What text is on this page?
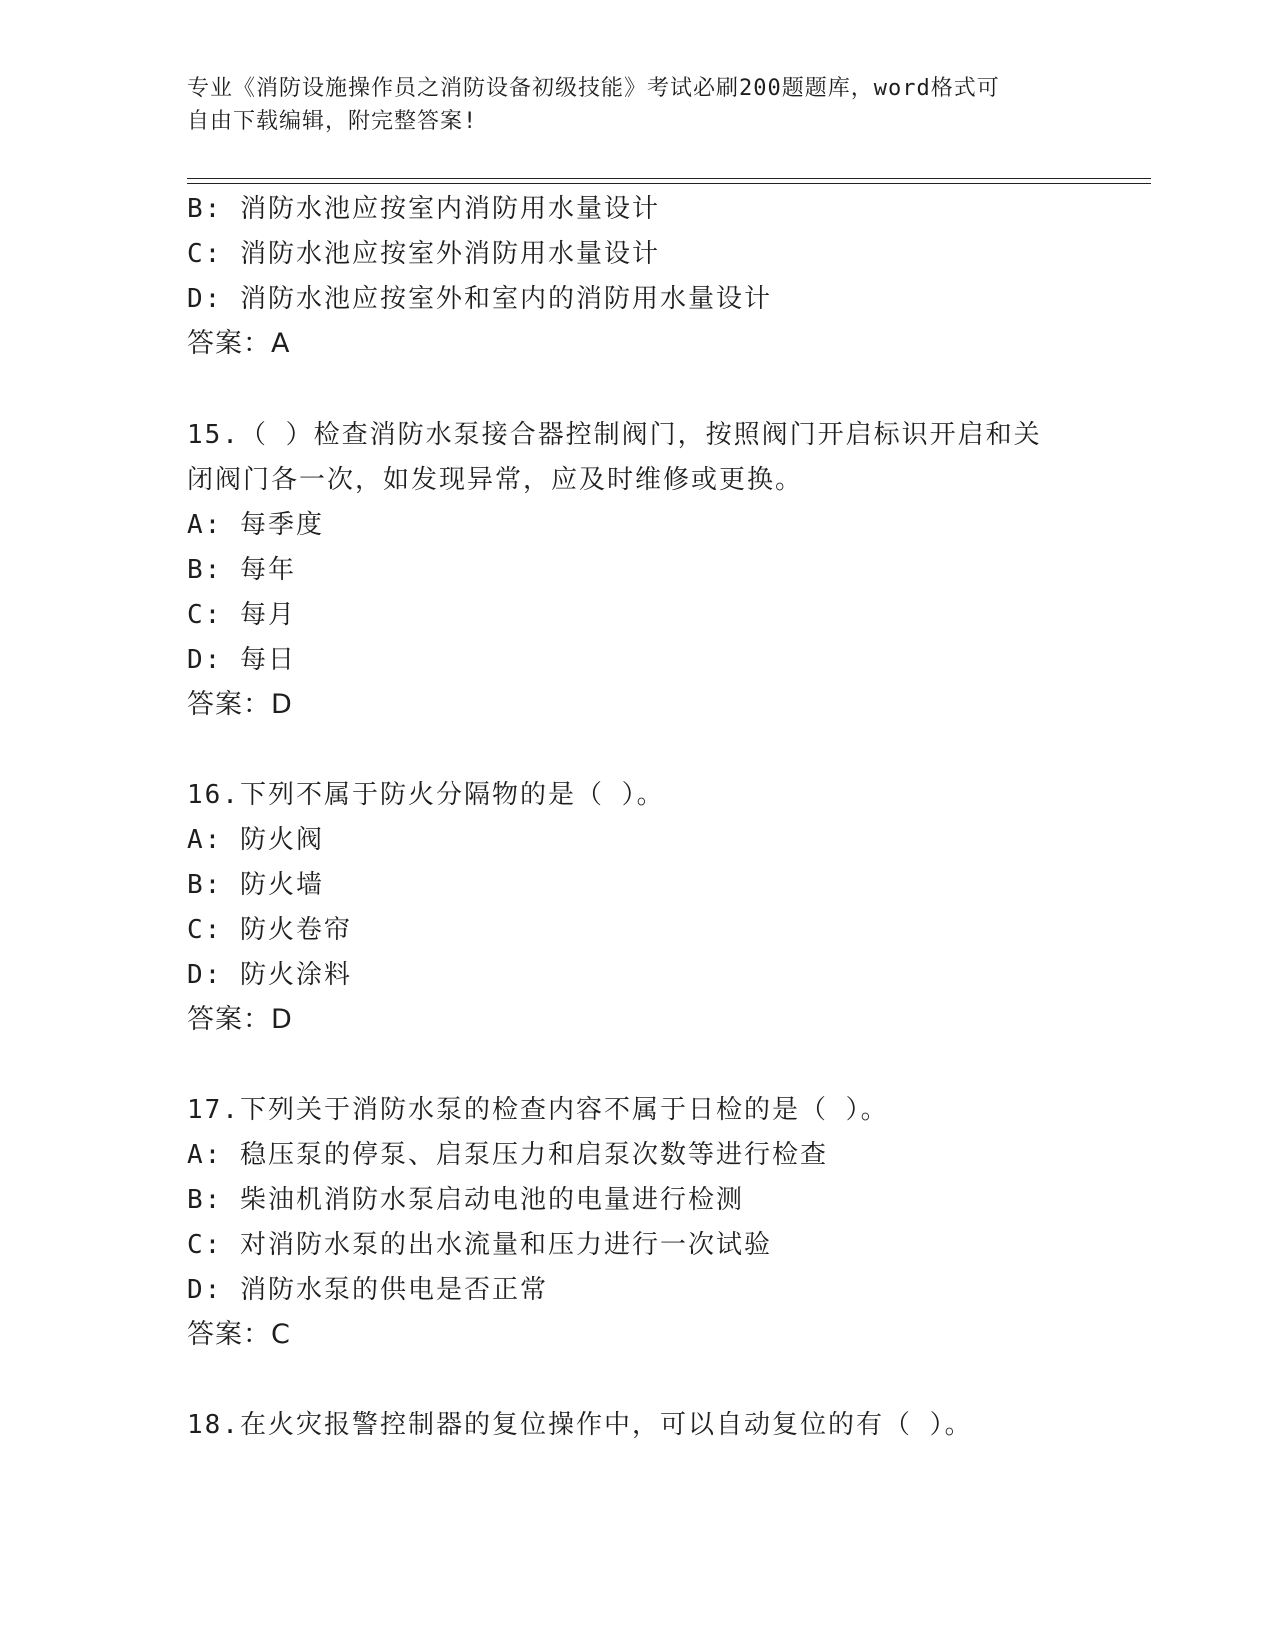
专业《消防设施操作员之消防设备初级技能》考试必刷200题题库，word格式可
自由下载编辑，附完整答案!
B: 消防水池应按室内消防用水量设计
C: 消防水池应按室外消防用水量设计
D: 消防水池应按室外和室内的消防用水量设计
答案：A
15.（ ）检查消防水泵接合器控制阀门，按照阀门开启标识开启和关
闭阀门各一次，如发现异常，应及时维修或更换。
A: 每季度
B: 每年
C: 每月
D: 每日
答案：D
16.下列不属于防火分隔物的是（ ）。
A: 防火阀
B: 防火墙
C: 防火卷帘
D: 防火涂料
答案：D
17.下列关于消防水泵的检查内容不属于日检的是（ ）。
A: 稳压泵的停泵、启泵压力和启泵次数等进行检查
B: 柴油机消防水泵启动电池的电量进行检测
C: 对消防水泵的出水流量和压力进行一次试验
D: 消防水泵的供电是否正常
答案：C
18.在火灾报警控制器的复位操作中，可以自动复位的有（ ）。
